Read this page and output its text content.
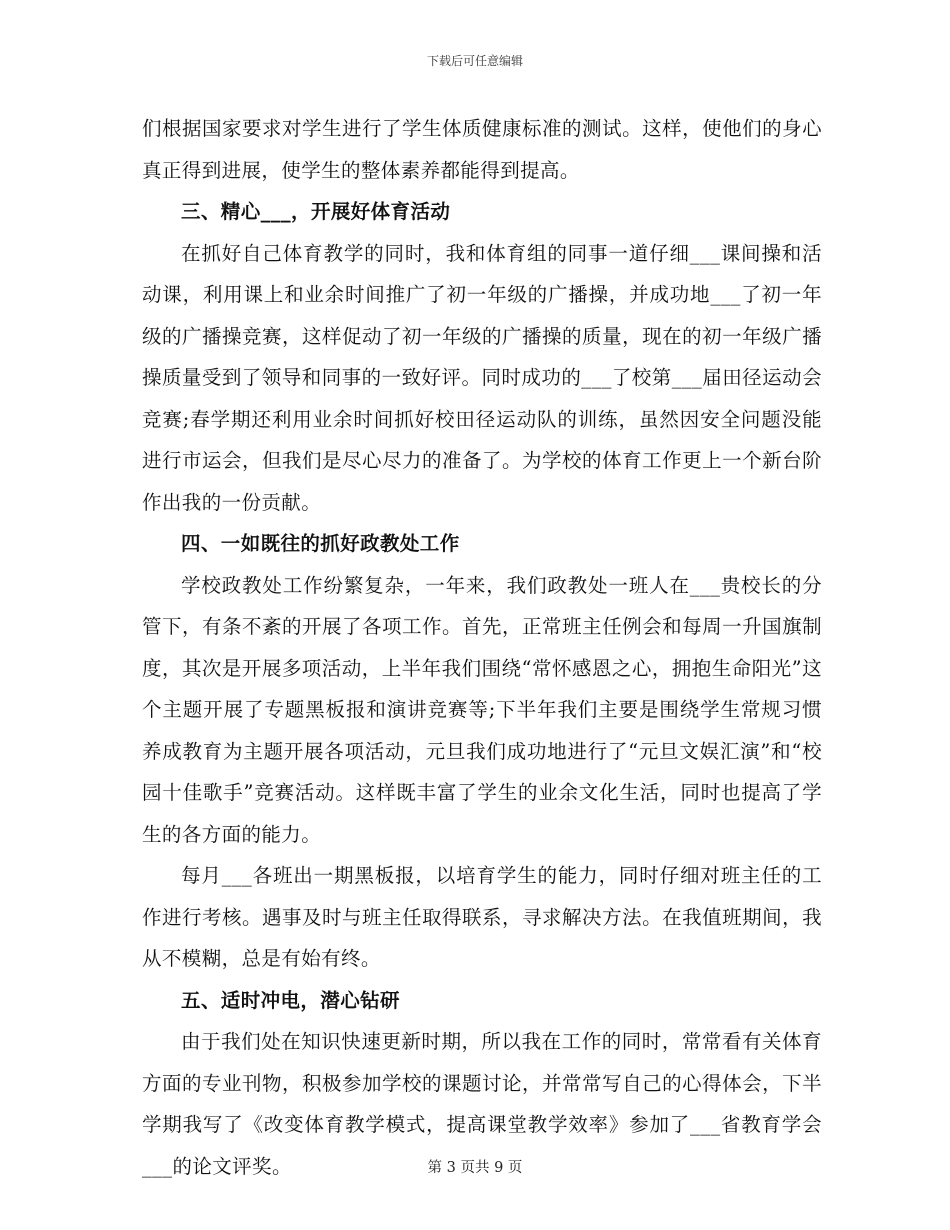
下载后可任意编辑

们根据国家要求对学生进行了学生体质健康标准的测试。这样，使他们的身心真正得到进展，使学生的整体素养都能得到提高。

三、精心___，开展好体育活动

在抓好自己体育教学的同时，我和体育组的同事一道仔细___课间操和活动课，利用课上和业余时间推广了初一年级的广播操，并成功地___了初一年级的广播操竞赛，这样促动了初一年级的广播操的质量，现在的初一年级广播操质量受到了领导和同事的一致好评。同时成功的___了校第___届田径运动会竞赛;春学期还利用业余时间抓好校田径运动队的训练，虽然因安全问题没能进行市运会，但我们是尽心尽力的准备了。为学校的体育工作更上一个新台阶作出我的一份贡献。

四、一如既往的抓好政教处工作

学校政教处工作纷繁复杂，一年来，我们政教处一班人在___贵校长的分管下，有条不紊的开展了各项工作。首先，正常班主任例会和每周一升国旗制度，其次是开展多项活动，上半年我们围绕“常怀感恩之心，拥抱生命阳光”这个主题开展了专题黑板报和演讲竞赛等;下半年我们主要是围绕学生常规习惯养成教育为主题开展各项活动，元旦我们成功地进行了“元旦文娱汇演”和“校园十佳歌手”竞赛活动。这样既丰富了学生的业余文化生活，同时也提高了学生的各方面的能力。

每月___各班出一期黑板报，以培育学生的能力，同时仔细对班主任的工作进行考核。遇事及时与班主任取得联系，寻求解决方法。在我值班期间，我从不模糊，总是有始有终。

五、适时冲电，潜心钻研

由于我们处在知识快速更新时期，所以我在工作的同时，常常看有关体育方面的专业刊物，积极参加学校的课题讨论，并常常写自己的心得体会，下半学期我写了《改变体育教学模式，提高课堂教学效率》参加了___省教育学会___的论文评奖。	第 3 页共 9 页
